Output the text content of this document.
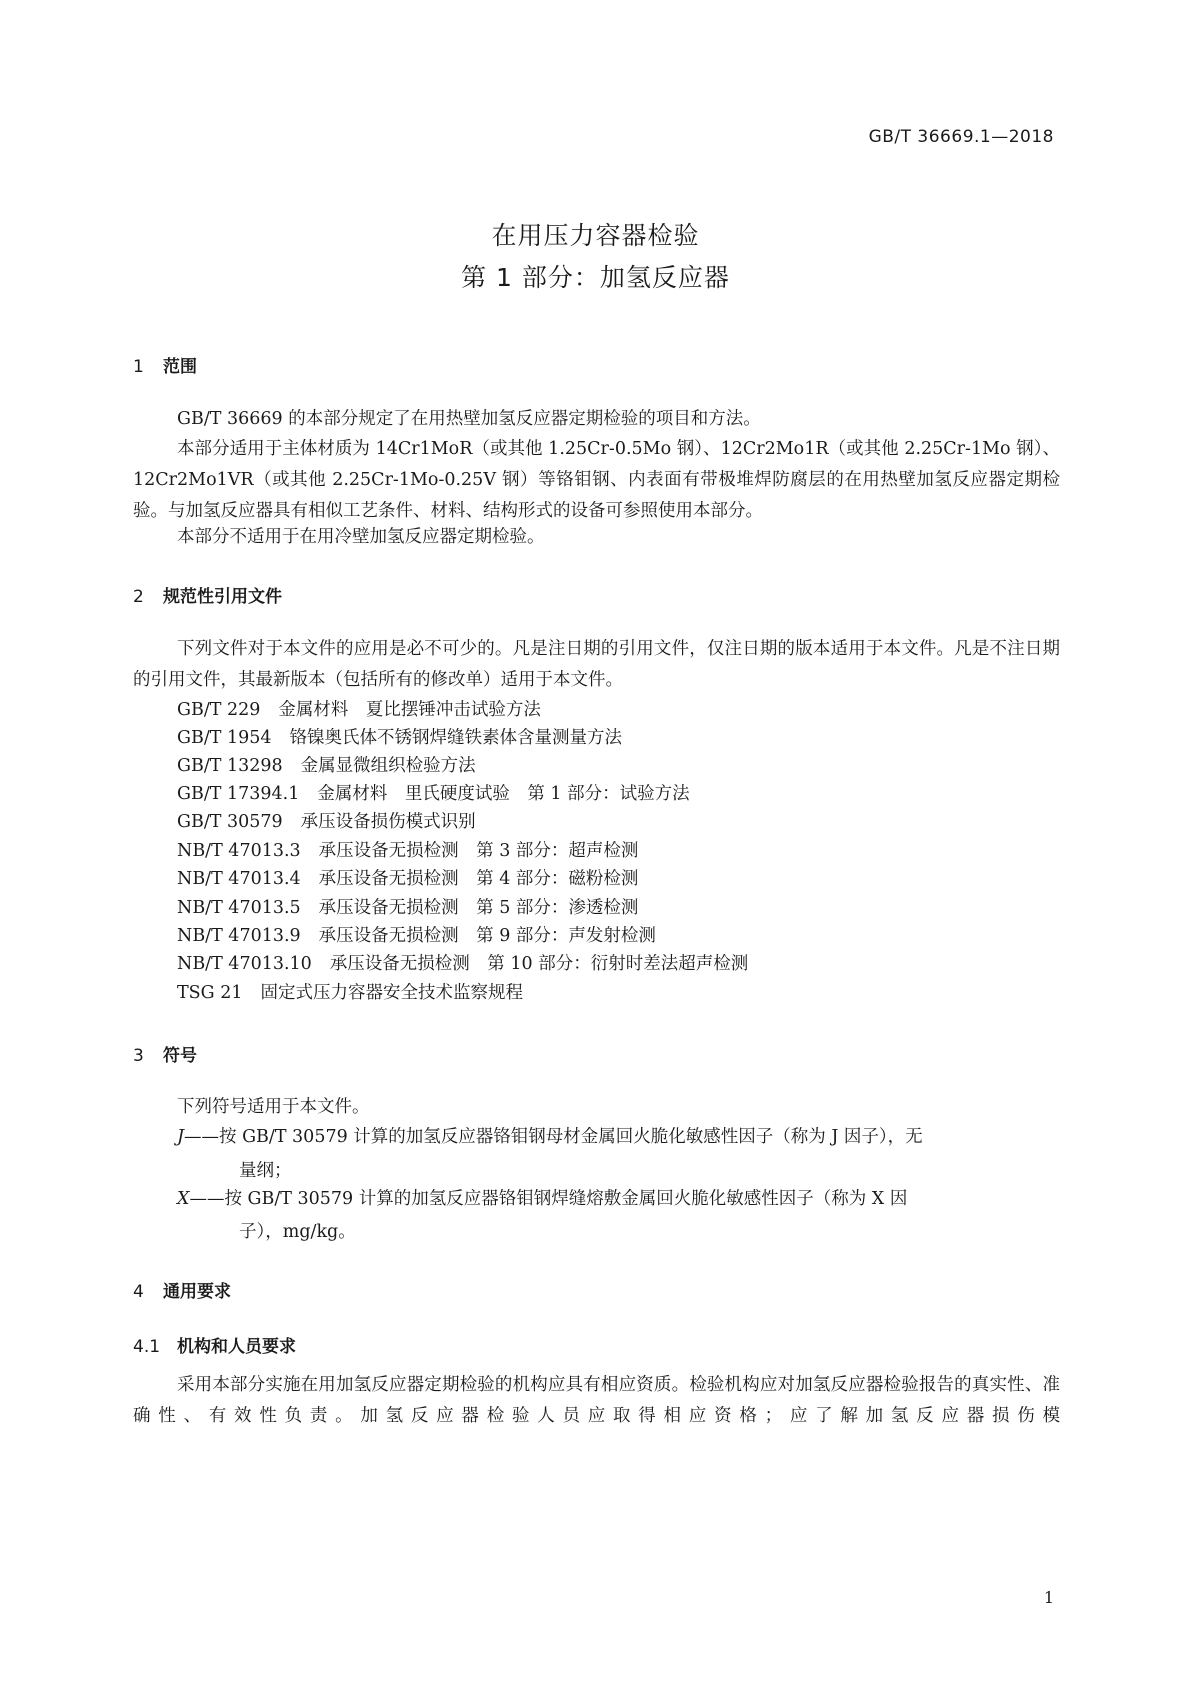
GB/T 36669.1—2018
在用压力容器检验
第 1 部分：加氢反应器
1 范围
GB/T 36669 的本部分规定了在用热壁加氢反应器定期检验的项目和方法。
本部分适用于主体材质为 14Cr1MoR（或其他 1.25Cr-0.5Mo 钢）、12Cr2Mo1R（或其他 2.25Cr-1Mo 钢）、12Cr2Mo1VR（或其他 2.25Cr-1Mo-0.25V 钢）等铬钼钢、内表面有带极堆焊防腐层的在用热壁加氢反应器定期检验。与加氢反应器具有相似工艺条件、材料、结构形式的设备可参照使用本部分。
本部分不适用于在用冷壁加氢反应器定期检验。
2 规范性引用文件
下列文件对于本文件的应用是必不可少的。凡是注日期的引用文件，仅注日期的版本适用于本文件。凡是不注日期的引用文件，其最新版本（包括所有的修改单）适用于本文件。
GB/T 229 金属材料　夏比摆锤冲击试验方法
GB/T 1954 铬镍奥氏体不锈钢焊缝铁素体含量测量方法
GB/T 13298 金属显微组织检验方法
GB/T 17394.1 金属材料　里氏硬度试验　第 1 部分：试验方法
GB/T 30579 承压设备损伤模式识别
NB/T 47013.3 承压设备无损检测　第 3 部分：超声检测
NB/T 47013.4 承压设备无损检测　第 4 部分：磁粉检测
NB/T 47013.5 承压设备无损检测　第 5 部分：渗透检测
NB/T 47013.9 承压设备无损检测　第 9 部分：声发射检测
NB/T 47013.10 承压设备无损检测　第 10 部分：衍射时差法超声检测
TSG 21 固定式压力容器安全技术监察规程
3 符号
下列符号适用于本文件。
J——按 GB/T 30579 计算的加氢反应器铬钼钢母材金属回火脆化敏感性因子（称为 J 因子），无
量纲；
X——按 GB/T 30579 计算的加氢反应器铬钼钢焊缝熔敷金属回火脆化敏感性因子（称为 X 因
子），mg/kg。
4 通用要求
4.1 机构和人员要求
采用本部分实施在用加氢反应器定期检验的机构应具有相应资质。检验机构应对加氢反应器检验报告的真实性、准确性、有效性负责。加氢反应器检验人员应取得相应资格；应了解加氢反应器损伤模
1
